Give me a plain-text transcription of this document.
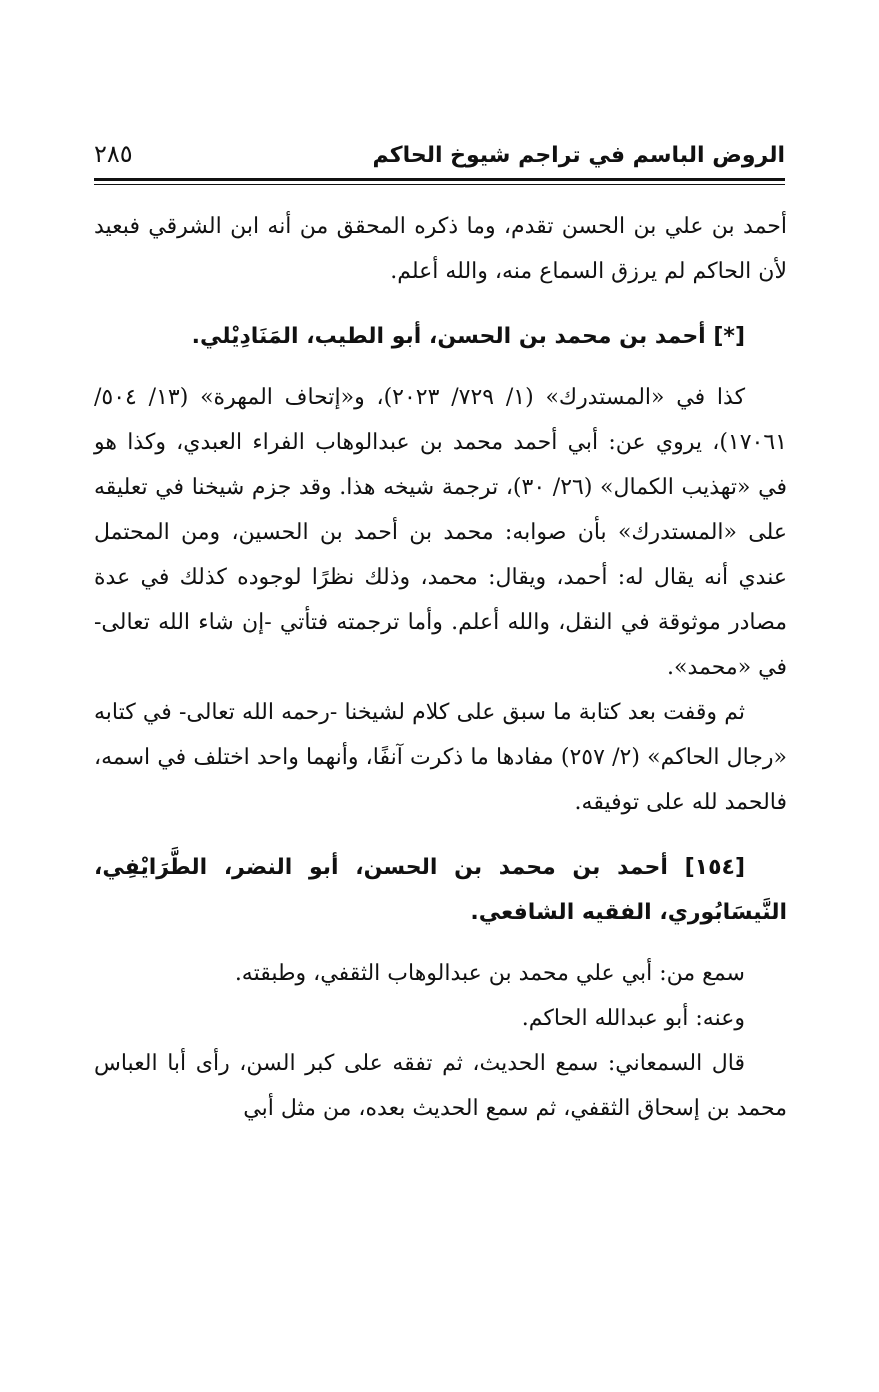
الروض الباسم في تراجم شيوخ الحاكم
٢٨٥

أحمد بن علي بن الحسن تقدم، وما ذكره المحقق من أنه ابن الشرقي فبعيد لأن الحاكم لم يرزق السماع منه، والله أعلم.

[*] أحمد بن محمد بن الحسن، أبو الطيب، المَنَادِيْلي.

كذا في «المستدرك» (١/ ٧٢٩/ ٢٠٢٣)، و«إتحاف المهرة» (١٣/ ٥٠٤/ ١٧٠٦١)، يروي عن: أبي أحمد محمد بن عبدالوهاب الفراء العبدي، وكذا هو في «تهذيب الكمال» (٢٦/ ٣٠)، ترجمة شيخه هذا. وقد جزم شيخنا في تعليقه على «المستدرك» بأن صوابه: محمد بن أحمد بن الحسين، ومن المحتمل عندي أنه يقال له: أحمد، ويقال: محمد، وذلك نظرًا لوجوده كذلك في عدة مصادر موثوقة في النقل، والله أعلم. وأما ترجمته فتأتي -إن شاء الله تعالى- في «محمد».

ثم وقفت بعد كتابة ما سبق على كلام لشيخنا -رحمه الله تعالى- في كتابه «رجال الحاكم» (٢/ ٢٥٧) مفادها ما ذكرت آنفًا، وأنهما واحد اختلف في اسمه، فالحمد لله على توفيقه.

[١٥٤] أحمد بن محمد بن الحسن، أبو النضر، الطَّرَايْفِي، النَّيسَابُوري، الفقيه الشافعي.

سمع من: أبي علي محمد بن عبدالوهاب الثقفي، وطبقته.

وعنه: أبو عبدالله الحاكم.

قال السمعاني: سمع الحديث، ثم تفقه على كبر السن، رأى أبا العباس محمد بن إسحاق الثقفي، ثم سمع الحديث بعده، من مثل أبي
